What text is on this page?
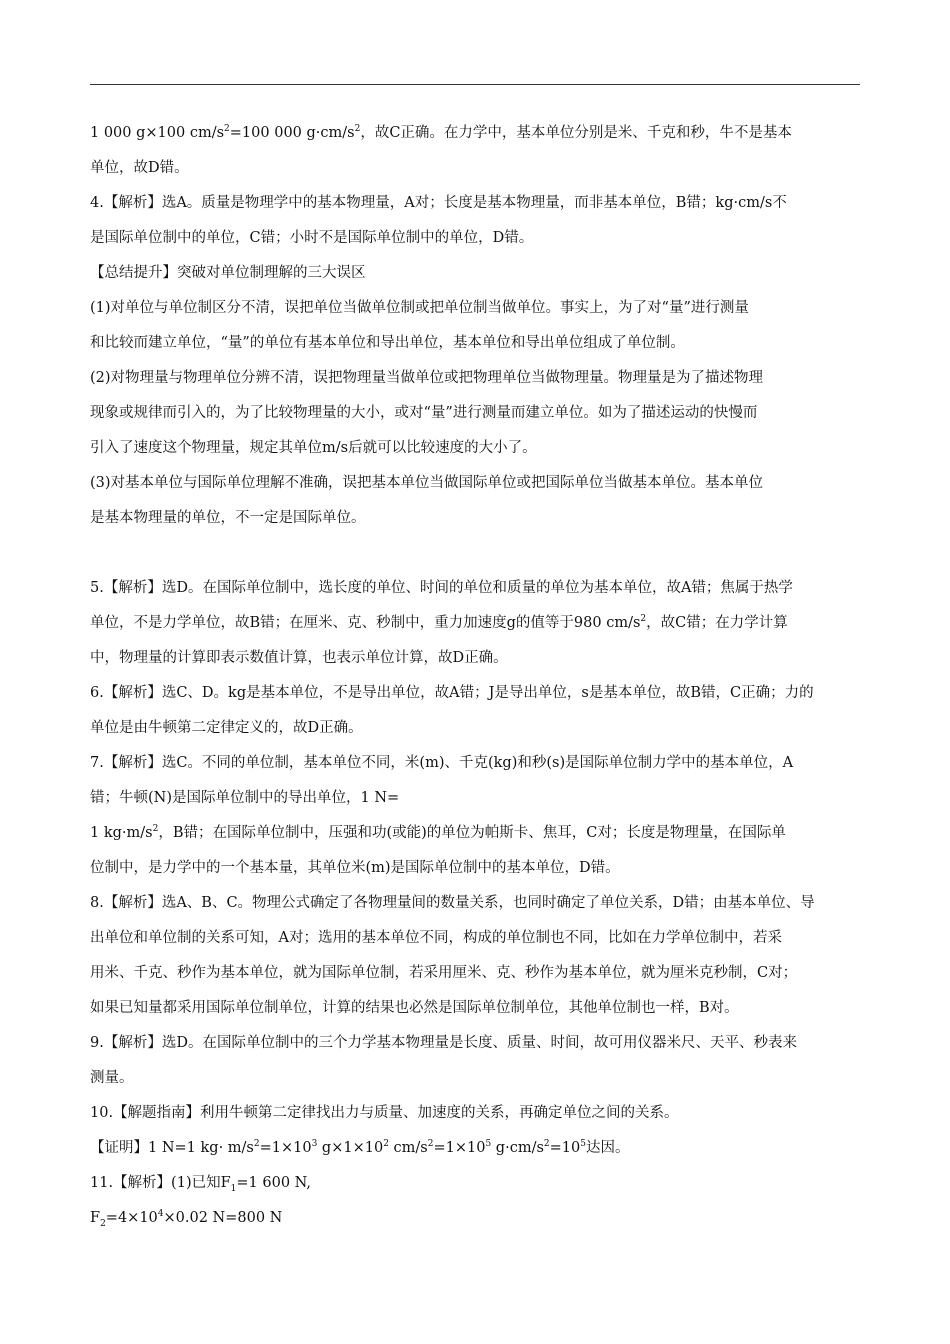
1 000 g×100 $cm/s^2=100$ 000 $g\cdot cm/s^2$，故C正确。在力学中，基本单位分别是米、千克和秒，牛不是基本

单位，故D错。

4.【解析】选A。质量是物理学中的基本物理量，A对；长度是基本物理量，而非基本单位，B错；kg·cm/s不

是国际单位制中的单位，C错；小时不是国际单位制中的单位，D错。

【总结提升】突破对单位制理解的三大误区

(1)对单位与单位制区分不清，误把单位当做单位制或把单位制当做单位。事实上，为了对“量”进行测量

和比较而建立单位，“量”的单位有基本单位和导出单位，基本单位和导出单位组成了单位制。

(2)对物理量与物理单位分辨不清，误把物理量当做单位或把物理单位当做物理量。物理量是为了描述物理

现象或规律而引入的，为了比较物理量的大小，或对“量”进行测量而建立单位。如为了描述运动的快慢而

引入了速度这个物理量，规定其单位m/s后就可以比较速度的大小了。

(3)对基本单位与国际单位理解不准确，误把基本单位当做国际单位或把国际单位当做基本单位。基本单位

是基本物理量的单位，不一定是国际单位。

5.【解析】选D。在国际单位制中，选长度的单位、时间的单位和质量的单位为基本单位，故A错；焦属于热学

单位，不是力学单位，故B错；在厘米、克、秒制中，重力加速度g的值等于980 $cm/s^2$，故C错；在力学计算

中，物理量的计算即表示数值计算，也表示单位计算，故D正确。

6.【解析】选C、D。kg是基本单位，不是导出单位，故A错；J是导出单位，s是基本单位，故B错，C正确；力的

单位是由牛顿第二定律定义的，故D正确。

7.【解析】选C。不同的单位制，基本单位不同，米(m)、千克(kg)和秒(s)是国际单位制力学中的基本单位，A

错；牛顿(N)是国际单位制中的导出单位，1 N=

1 $kg\cdot m/s^2$，B错；在国际单位制中，压强和功(或能)的单位为帕斯卡、焦耳，C对；长度是物理量，在国际单

位制中，是力学中的一个基本量，其单位米(m)是国际单位制中的基本单位，D错。

8.【解析】选A、B、C。物理公式确定了各物理量间的数量关系，也同时确定了单位关系，D错；由基本单位、导

出单位和单位制的关系可知，A对；选用的基本单位不同，构成的单位制也不同，比如在力学单位制中，若采

用米、千克、秒作为基本单位，就为国际单位制，若采用厘米、克、秒作为基本单位，就为厘米克秒制，C对；

如果已知量都采用国际单位制单位，计算的结果也必然是国际单位制单位，其他单位制也一样，B对。

9.【解析】选D。在国际单位制中的三个力学基本物理量是长度、质量、时间，故可用仪器米尺、天平、秒表来

测量。

10.【解题指南】利用牛顿第二定律找出力与质量、加速度的关系，再确定单位之间的关系。

【证明】1 N=1 $kg\cdot m/s^2=1\times 10^3$ $g\times 1\times 10^2$ $cm/s^2=1\times 10^5$ $g\cdot cm/s^2=10^5$达因。

11.【解析】(1)已知$F_1=1$ 600 N,

$F_2=4\times 10^4\times 0.02$ N=800 N
